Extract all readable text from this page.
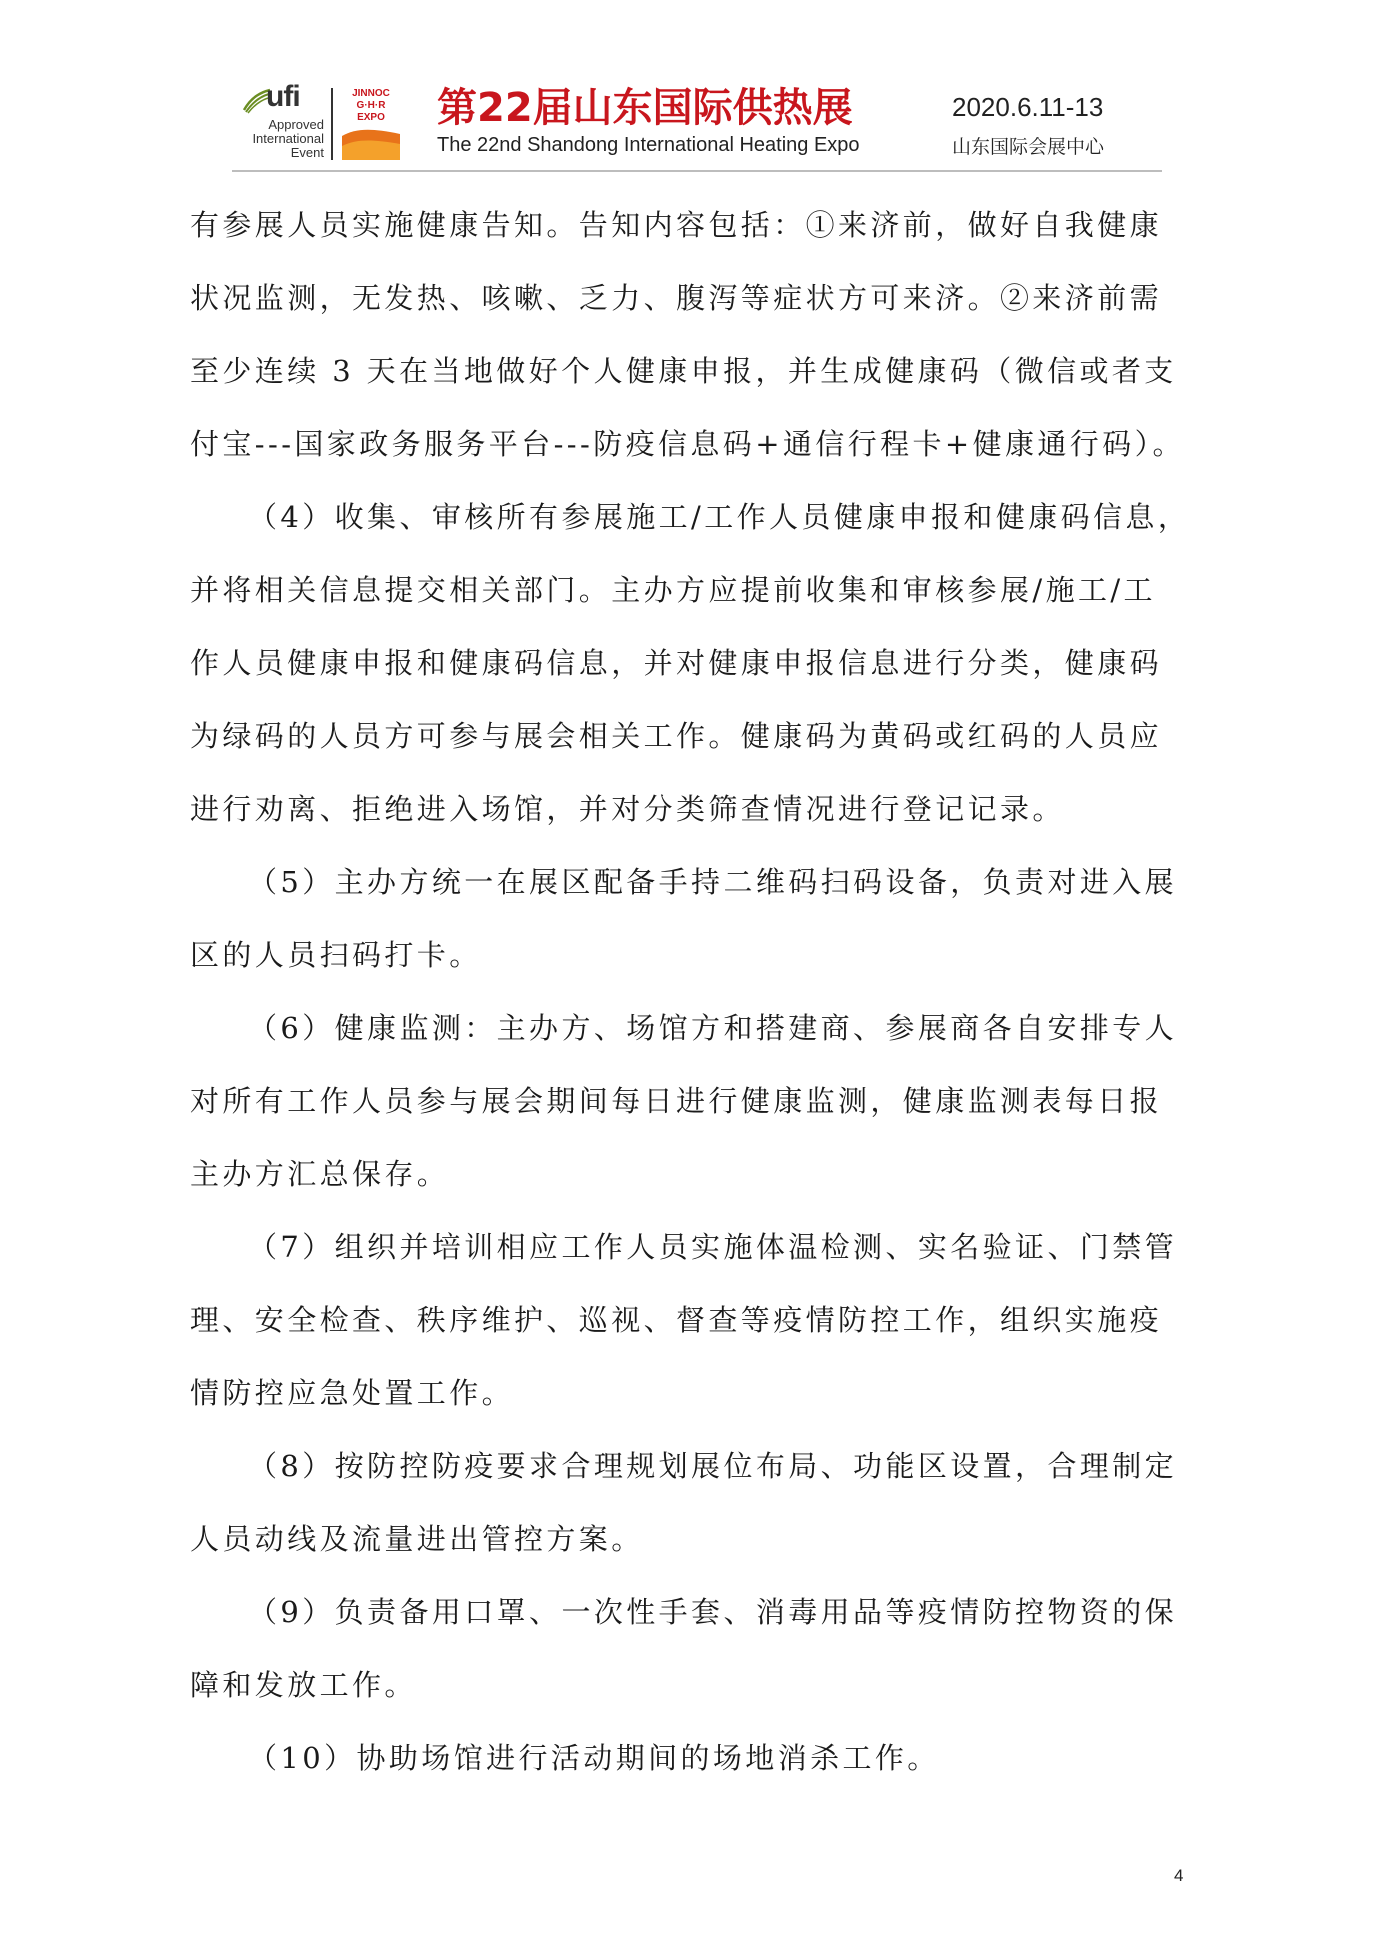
ufi
Approved
International
Event
JINNOC
G·H·R
EXPO	第22届山东国际供热展
The 22nd Shandong International Heating Expo
2020.6.11-13
山东国际会展中心
有参展人员实施健康告知。告知内容包括：①来济前，做好自我健康
状况监测，无发热、咳嗽、乏力、腹泻等症状方可来济。②来济前需
至少连续 3 天在当地做好个人健康申报，并生成健康码（微信或者支
付宝---国家政务服务平台---防疫信息码+通信行程卡+健康通行码）。
（4）收集、审核所有参展施工/工作人员健康申报和健康码信息，
并将相关信息提交相关部门。主办方应提前收集和审核参展/施工/工
作人员健康申报和健康码信息，并对健康申报信息进行分类，健康码
为绿码的人员方可参与展会相关工作。健康码为黄码或红码的人员应
进行劝离、拒绝进入场馆，并对分类筛查情况进行登记记录。
（5）主办方统一在展区配备手持二维码扫码设备，负责对进入展
区的人员扫码打卡。
（6）健康监测：主办方、场馆方和搭建商、参展商各自安排专人
对所有工作人员参与展会期间每日进行健康监测，健康监测表每日报
主办方汇总保存。
（7）组织并培训相应工作人员实施体温检测、实名验证、门禁管
理、安全检查、秩序维护、巡视、督查等疫情防控工作，组织实施疫
情防控应急处置工作。
（8）按防控防疫要求合理规划展位布局、功能区设置，合理制定
人员动线及流量进出管控方案。
（9）负责备用口罩、一次性手套、消毒用品等疫情防控物资的保
障和发放工作。
（10）协助场馆进行活动期间的场地消杀工作。
4
